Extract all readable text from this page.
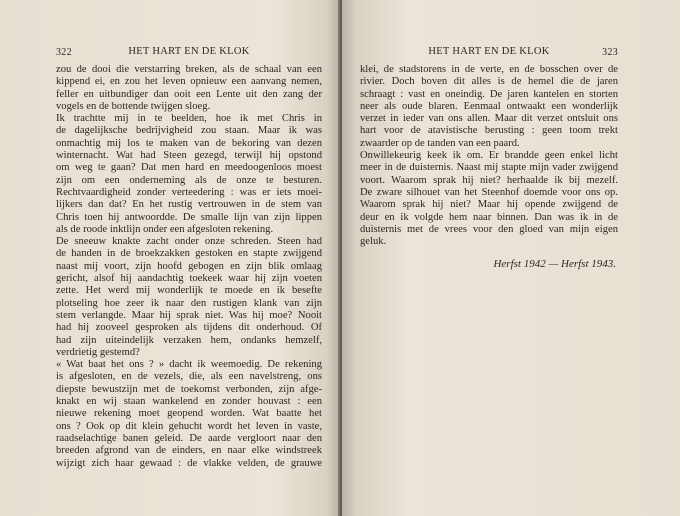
322	HET HART EN DE KLOK
zou de dooi die verstarring breken, als de schaal van een
kippend ei, en zou het leven opnieuw een aanvang nemen,
feller en uitbundiger dan ooit een Lente uit den zang der
vogels en de bottende twijgen sloeg.
Ik trachtte mij in te beelden, hoe ik met Chris in
de dagelijksche bedrijvigheid zou staan. Maar ik was
onmachtig mij los te maken van de bekoring van dezen
winternacht. Wat had Steen gezegd, terwijl hij opstond
om weg te gaan? Dat men hard en meedoogenloos moest
zijn om een onderneming als de onze te besturen.
Rechtvaardigheid zonder verteedering : was er iets moei-
lijkers dan dat? En het rustig vertrouwen in de stem van
Chris toen hij antwoordde. De smalle lijn van zijn lippen
als de roode inktlijn onder een afgesloten rekening.
De sneeuw knakte zacht onder onze schreden. Steen had
de handen in de broekzakken gestoken en stapte zwijgend
naast mij voort, zijn hoofd gebogen en zijn blik omlaag
gericht, alsof hij aandachtig toekeek waar hij zijn voeten
zette. Het werd mij wonderlijk te moede en ik besefte
plotseling hoe zeer ik naar den rustigen klank van zijn
stem verlangde. Maar hij sprak niet. Was hij moe? Nooit
had hij zooveel gesproken als tijdens dit onderhoud. Of
had zijn uiteindelijk verzaken hem, ondanks hemzelf,
verdrietig gestemd?
« Wat baat het ons ? » dacht ik weemoedig. De rekening
is afgesloten, en de vezels, die, als een navelstreng, ons
diepste bewustzijn met de toekomst verbonden, zijn afge-
knakt en wij staan wankelend en zonder houvast : een
nieuwe rekening moet geopend worden. Wat baatte het
ons ? Ook op dit klein gehucht wordt het leven in vaste,
raadselachtige banen geleid. De aarde vergloort naar den
breeden afgrond van de einders, en naar elke windstreek
wijzigt zich haar gewaad : de vlakke velden, de grauwe
HET HART EN DE KLOK	323
klei, de stadstorens in de verte, en de bosschen over de
rivier. Doch boven dit alles is de hemel die de jaren
schraagt : vast en oneindig. De jaren kantelen en storten
neer als oude blaren. Eenmaal ontwaakt een wonderlijk
verzet in ieder van ons allen. Maar dit verzet ontsluit ons
hart voor de atavistische berusting : geen toom trekt
zwaarder op de tanden van een paard.
Onwillekeurig keek ik om. Er brandde geen enkel licht
meer in de duisternis. Naast mij stapte mijn vader zwijgend
voort. Waarom sprak hij niet? herhaalde ik bij mezelf.
De zware silhouet van het Steenhof doemde voor ons op.
Waarom sprak hij niet? Maar hij opende zwijgend de
deur en ik volgde hem naar binnen. Dan was ik in de
duisternis met de vrees voor den gloed van mijn eigen
geluk.
Herfst 1942 — Herfst 1943.
